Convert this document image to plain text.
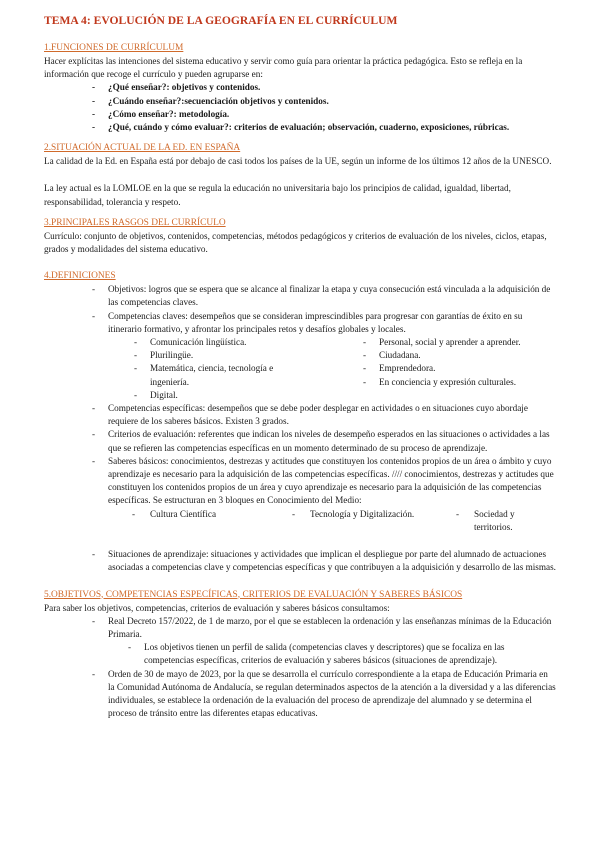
TEMA 4: EVOLUCIÓN DE LA GEOGRAFÍA EN EL CURRÍCULUM

1.FUNCIONES DE CURRÍCULUM

Hacer explícitas las intenciones del sistema educativo y servir como guía para orientar la práctica pedagógica. Esto se refleja en la información que recoge el currículo y pueden agruparse en:

- ¿Qué enseñar?: objetivos y contenidos.
- ¿Cuándo enseñar?:secuenciación objetivos y contenidos.
- ¿Cómo enseñar?: metodología.
- ¿Qué, cuándo y cómo evaluar?: criterios de evaluación; observación, cuaderno, exposiciones, rúbricas.

2.SITUACIÓN ACTUAL DE LA ED. EN ESPAÑA

La calidad de la Ed. en España está por debajo de casi todos los países de la UE, según un informe de los últimos 12 años de la UNESCO.

La ley actual es la LOMLOE en la que se regula la educación no universitaria bajo los principios de calidad, igualdad, libertad, responsabilidad, tolerancia y respeto.

3.PRINCIPALES RASGOS DEL CURRÍCULO

Currículo: conjunto de objetivos, contenidos, competencias, métodos pedagógicos y criterios de evaluación de los niveles, ciclos, etapas, grados y modalidades del sistema educativo.

4.DEFINICIONES

- Objetivos: logros que se espera que se alcance al finalizar la etapa y cuya consecución está vinculada a la adquisición de las competencias claves.
- Competencias claves: desempeños que se consideran imprescindibles para progresar con garantías de éxito en su itinerario formativo, y afrontar los principales retos y desafíos globales y locales.
- Comunicación lingüística.
- Plurilingüe.
- Matemática, ciencia, tecnología e ingeniería.
- Digital.
- Personal, social y aprender a aprender.
- Ciudadana.
- Emprendedora.
- En conciencia y expresión culturales.
- Competencias específicas: desempeños que se debe poder desplegar en actividades o en situaciones cuyo abordaje requiere de los saberes básicos. Existen 3 grados.
- Criterios de evaluación: referentes que indican los niveles de desempeño esperados en las situaciones o actividades a las que se refieren las competencias específicas en un momento determinado de su proceso de aprendizaje.
- Saberes básicos: conocimientos, destrezas y actitudes que constituyen los contenidos propios de un área o ámbito y cuyo aprendizaje es necesario para la adquisición de las competencias específicas. //// conocimientos, destrezas y actitudes que constituyen los contenidos propios de un área y cuyo aprendizaje es necesario para la adquisición de las competencias específicas. Se estructuran en 3 bloques en Conocimiento del Medio:
- Cultura Científica	- Tecnología y Digitalización.	- Sociedad y territorios.
- Situaciones de aprendizaje: situaciones y actividades que implican el despliegue por parte del alumnado de actuaciones asociadas a competencias clave y competencias específicas y que contribuyen a la adquisición y desarrollo de las mismas.

5.OBJETIVOS, COMPETENCIAS ESPECÍFICAS, CRITERIOS DE EVALUACIÓN Y SABERES BÁSICOS

Para saber los objetivos, competencias, criterios de evaluación y saberes básicos consultamos:

- Real Decreto 157/2022, de 1 de marzo, por el que se establecen la ordenación y las enseñanzas mínimas de la Educación Primaria.
- Los objetivos tienen un perfil de salida (competencias claves y descriptores) que se focaliza en las competencias específicas, criterios de evaluación y saberes básicos (situaciones de aprendizaje).
- Orden de 30 de mayo de 2023, por la que se desarrolla el currículo correspondiente a la etapa de Educación Primaria en la Comunidad Autónoma de Andalucía, se regulan determinados aspectos de la atención a la diversidad y a las diferencias individuales, se establece la ordenación de la evaluación del proceso de aprendizaje del alumnado y se determina el proceso de tránsito entre las diferentes etapas educativas.
